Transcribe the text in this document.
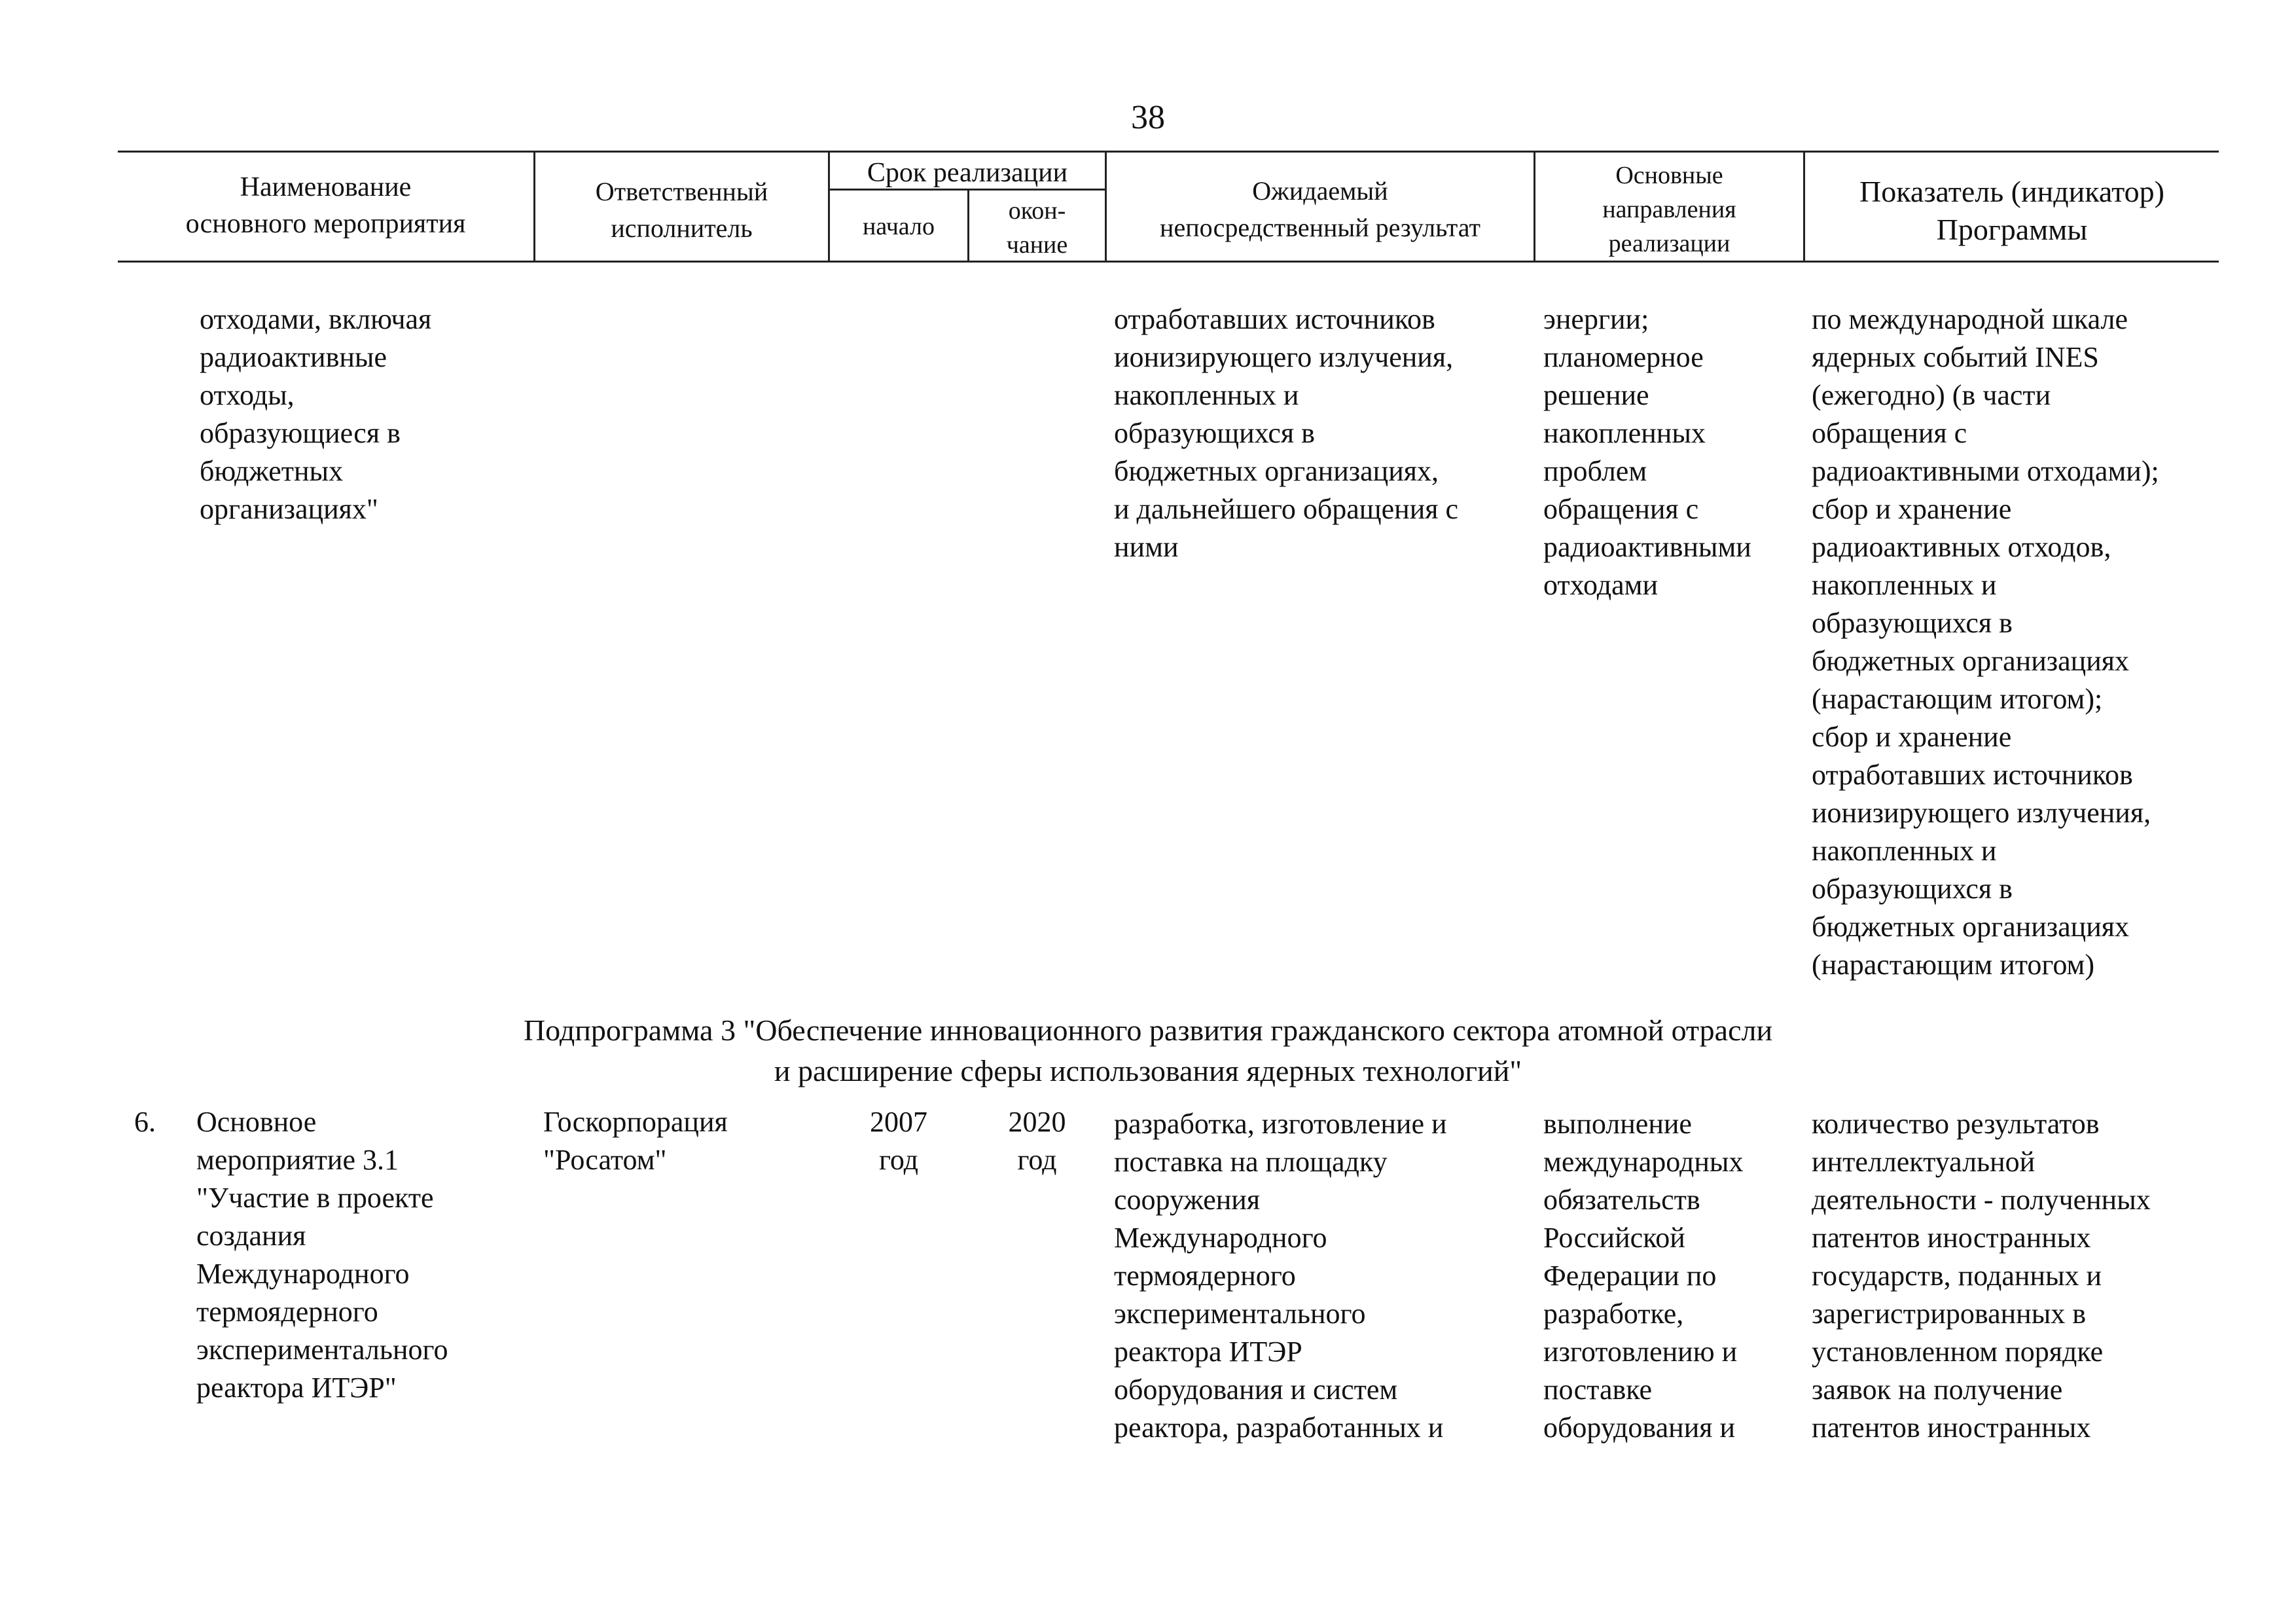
38
Наименование
основного мероприятия
Ответственный
исполнитель
Срок реализации
начало
окон-
чание
Ожидаемый
непосредственный результат
Основные
направления
реализации
Показатель (индикатор)
Программы
отходами, включая
радиоактивные
отходы,
образующиеся в
бюджетных
организациях"
отработавших источников
ионизирующего излучения,
накопленных и
образующихся в
бюджетных организациях,
и дальнейшего обращения с
ними
энергии;
планомерное
решение
накопленных
проблем
обращения с
радиоактивными
отходами
по международной шкале
ядерных событий INES
(ежегодно) (в части
обращения с
радиоактивными отходами);
сбор и хранение
радиоактивных отходов,
накопленных и
образующихся в
бюджетных организациях
(нарастающим итогом);
сбор и хранение
отработавших источников
ионизирующего излучения,
накопленных и
образующихся в
бюджетных организациях
(нарастающим итогом)
Подпрограмма 3 "Обеспечение инновационного развития гражданского сектора атомной отрасли
и расширение сферы использования ядерных технологий"
6.	Основное
мероприятие 3.1
"Участие в проекте
создания
Международного
термоядерного
экспериментального
реактора ИТЭР"
Госкорпорация
"Росатом"
2007
год
2020
год
разработка, изготовление и
поставка на площадку
сооружения
Международного
термоядерного
экспериментального
реактора ИТЭР
оборудования и систем
реактора, разработанных и
выполнение
международных
обязательств
Российской
Федерации по
разработке,
изготовлению и
поставке
оборудования и
количество результатов
интеллектуальной
деятельности - полученных
патентов иностранных
государств, поданных и
зарегистрированных в
установленном порядке
заявок на получение
патентов иностранных
